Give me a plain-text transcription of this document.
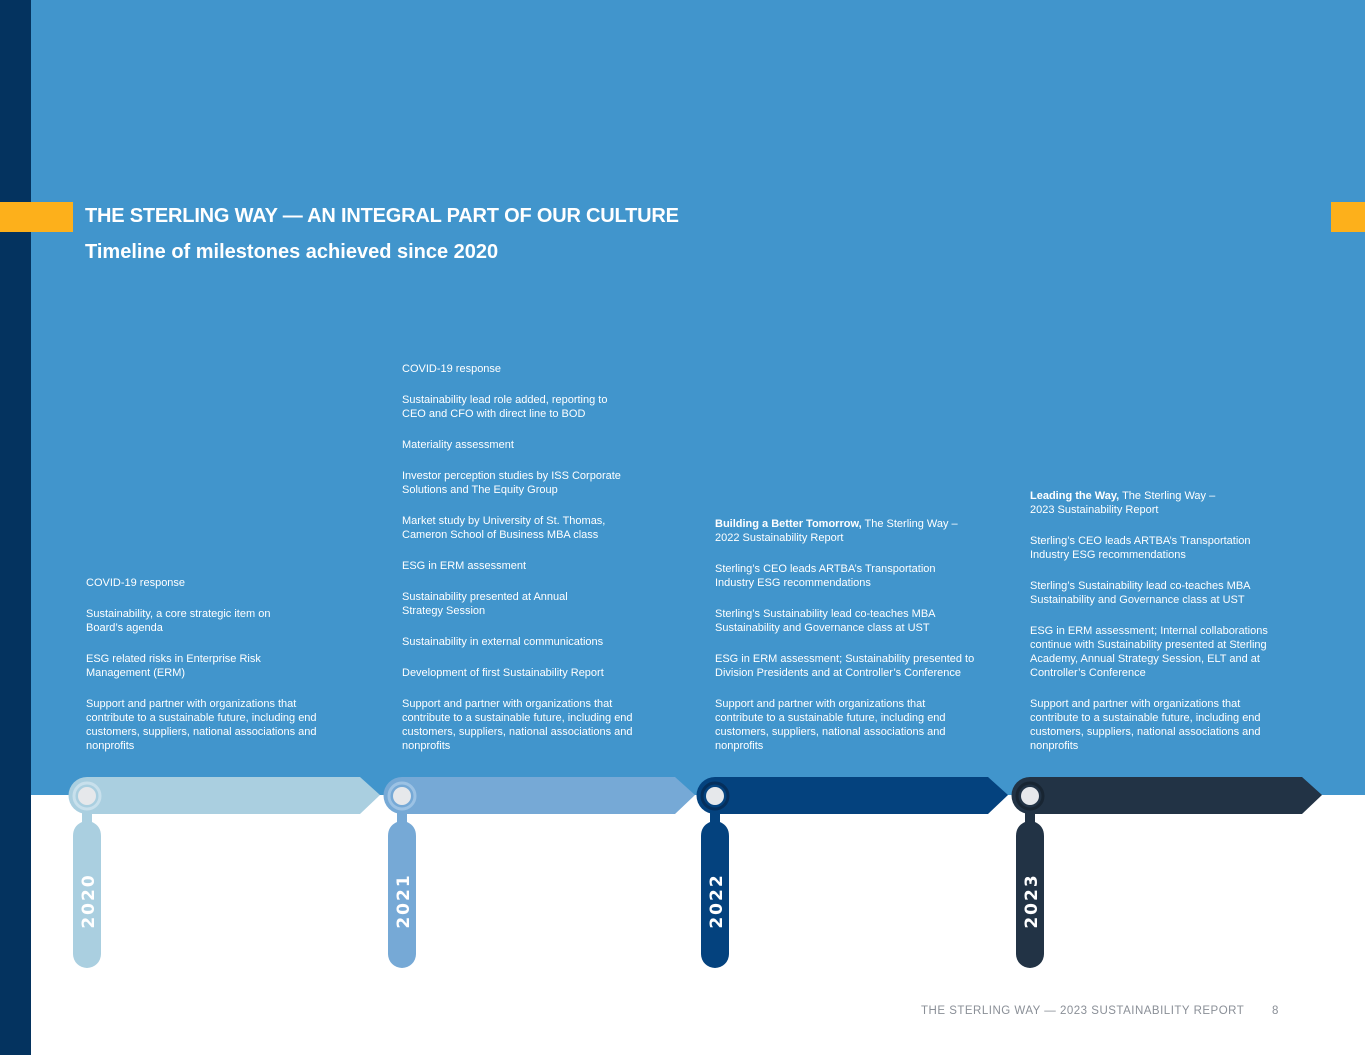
THE STERLING WAY — AN INTEGRAL PART OF OUR CULTURE
Timeline of milestones achieved since 2020
COVID-19 response
Sustainability, a core strategic item on Board’s agenda
ESG related risks in Enterprise Risk Management (ERM)
Support and partner with organizations that contribute to a sustainable future, including end customers, suppliers, national associations and nonprofits
COVID-19 response
Sustainability lead role added, reporting to CEO and CFO with direct line to BOD
Materiality assessment
Investor perception studies by ISS Corporate Solutions and The Equity Group
Market study by University of St. Thomas, Cameron School of Business MBA class
ESG in ERM assessment
Sustainability presented at Annual Strategy Session
Sustainability in external communications
Development of first Sustainability Report
Support and partner with organizations that contribute to a sustainable future, including end customers, suppliers, national associations and nonprofits
Building a Better Tomorrow, The Sterling Way – 2022 Sustainability Report
Sterling’s CEO leads ARTBA’s Transportation Industry ESG recommendations
Sterling’s Sustainability lead co-teaches MBA Sustainability and Governance class at UST
ESG in ERM assessment; Sustainability presented to Division Presidents and at Controller’s Conference
Support and partner with organizations that contribute to a sustainable future, including end customers, suppliers, national associations and nonprofits
Leading the Way, The Sterling Way – 2023 Sustainability Report
Sterling’s CEO leads ARTBA’s Transportation Industry ESG recommendations
Sterling’s Sustainability lead co-teaches MBA Sustainability and Governance class at UST
ESG in ERM assessment; Internal collaborations continue with Sustainability presented at Sterling Academy, Annual Strategy Session, ELT and at Controller’s Conference
Support and partner with organizations that contribute to a sustainable future, including end customers, suppliers, national associations and nonprofits
2020	2021	2022	2023
THE STERLING WAY — 2023 SUSTAINABILITY REPORT 8
